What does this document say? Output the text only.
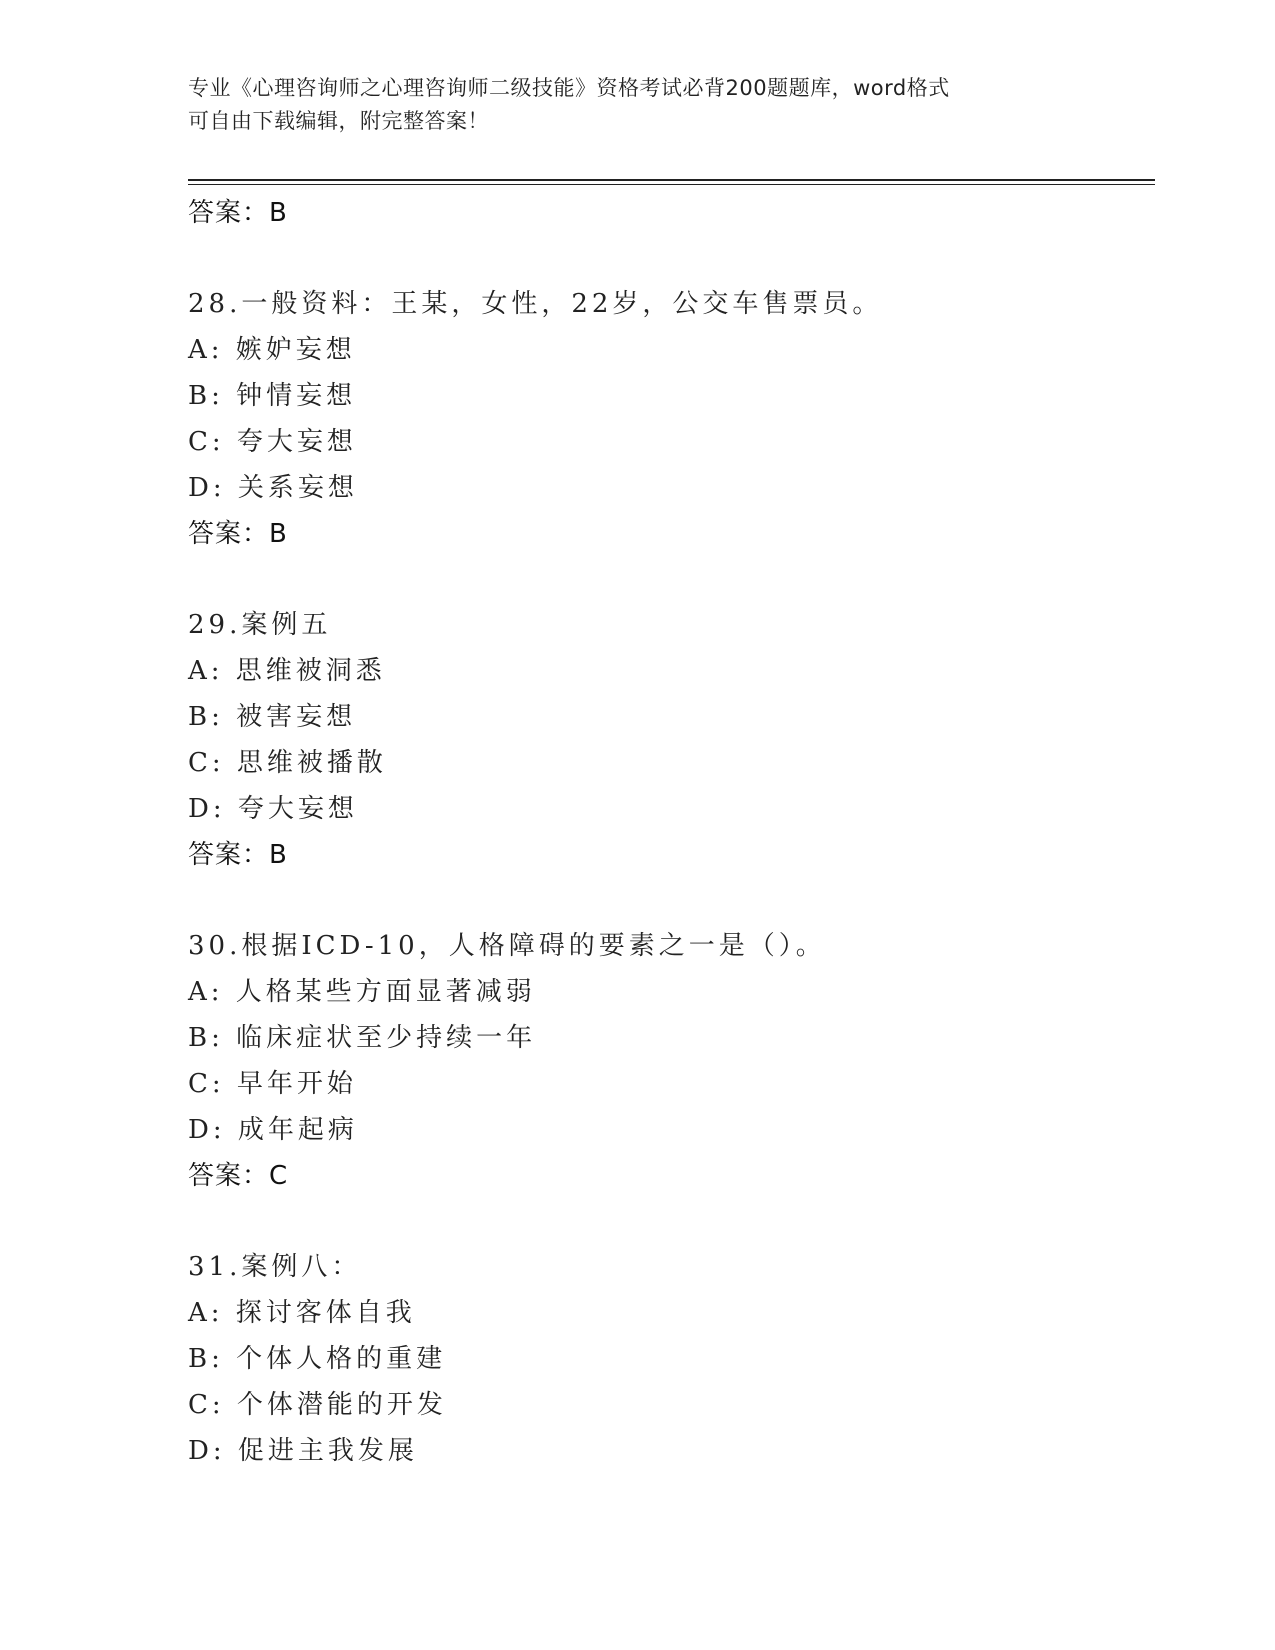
专业《心理咨询师之心理咨询师二级技能》资格考试必背200题题库，word格式
可自由下载编辑，附完整答案！
答案：B
28.一般资料：王某，女性，22岁，公交车售票员。
A: 嫉妒妄想
B: 钟情妄想
C: 夸大妄想
D: 关系妄想
答案：B
29.案例五
A: 思维被洞悉
B: 被害妄想
C: 思维被播散
D: 夸大妄想
答案：B
30.根据ICD-10，人格障碍的要素之一是（）。
A: 人格某些方面显著减弱
B: 临床症状至少持续一年
C: 早年开始
D: 成年起病
答案：C
31.案例八：
A: 探讨客体自我
B: 个体人格的重建
C: 个体潜能的开发
D: 促进主我发展
